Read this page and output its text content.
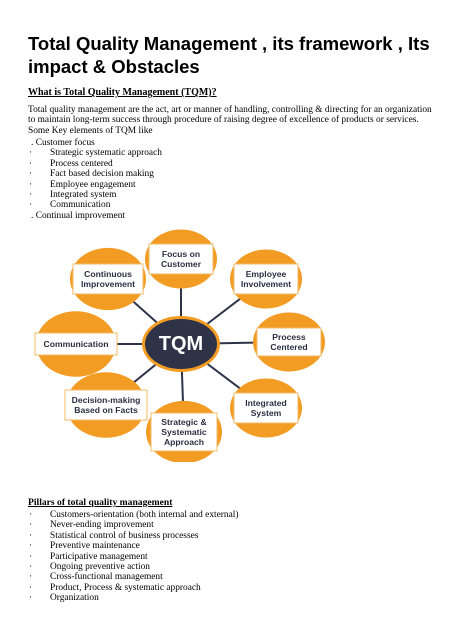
Total Quality Management , its framework , Its impact & Obstacles
What is Total Quality Management (TQM)?

Total quality management are the act, art or manner of handling, controlling & directing for an organization to maintain long-term success through procedure of raising degree of excellence of products or services.

Some Key elements of TQM like

. Customer focus
· Strategic systematic approach
· Process centered
· Fact based decision making
· Employee engagement
· Integrated system
· Communication
. Continual improvement
TQM
Focus on
Customer
Employee
Involvement
Process
Centered
Integrated
System
Strategic &
Systematic
Approach
Decision-making
Based on Facts
Communication
Continuous
Improvement
Pillars of total quality management
· Customers-orientation (both internal and external)
· Never-ending improvement
· Statistical control of business processes
· Preventive maintenance
· Participative management
· Ongoing preventive action
· Cross-functional management
· Product, Process & systematic approach
· Organization
